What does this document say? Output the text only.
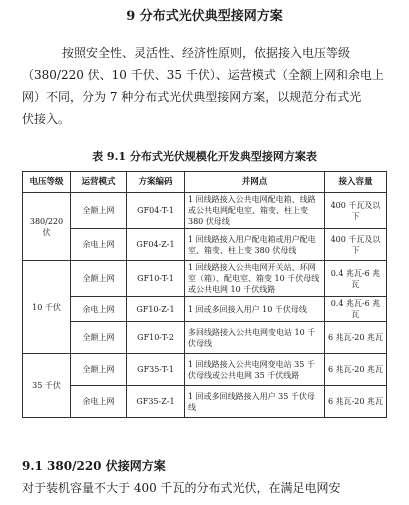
9 分布式光伏典型接网方案
按照安全性、灵活性、经济性原则，依据接入电压等级
（380/220 伏、10 千伏、35 千伏）、运营模式（全额上网和余电上
网）不同，分为 7 种分布式光伏典型接网方案，以规范分布式光
伏接入。
表 9.1 分布式光伏规模化开发典型接网方案表
电压等级	运营模式	方案编码	并网点	接入容量
380/220 伏	全额上网	GF04-T-1	1 回线路接入公共电网配电箱、线路或公共电网配电室、箱变、柱上变 380 伏母线	400 千瓦及以下
	余电上网	GF04-Z-1	1 回线路接入用户配电箱或用户配电室、箱变、柱上变 380 伏母线	400 千瓦及以下
10 千伏	全额上网	GF10-T-1	1 回线路接入公共电网开关站、环网室（箱）、配电室、箱变 10 千伏母线或公共电网 10 千伏线路	0.4 兆瓦-6 兆瓦
	余电上网	GF10-Z-1	1 回或多回接入用户 10 千伏母线	0.4 兆瓦-6 兆瓦
	全额上网	GF10-T-2	多回线路接入公共电网变电站 10 千伏母线	6 兆瓦-20 兆瓦
35 千伏	全额上网	GF35-T-1	1 回线路接入公共电网变电站 35 千伏母线或公共电网 35 千伏线路	6 兆瓦-20 兆瓦
	余电上网	GF35-Z-1	1 回或多回线路接入用户 35 千伏母线	6 兆瓦-20 兆瓦
9.1 380/220 伏接网方案
对于装机容量不大于 400 千瓦的分布式光伏，在满足电网安
